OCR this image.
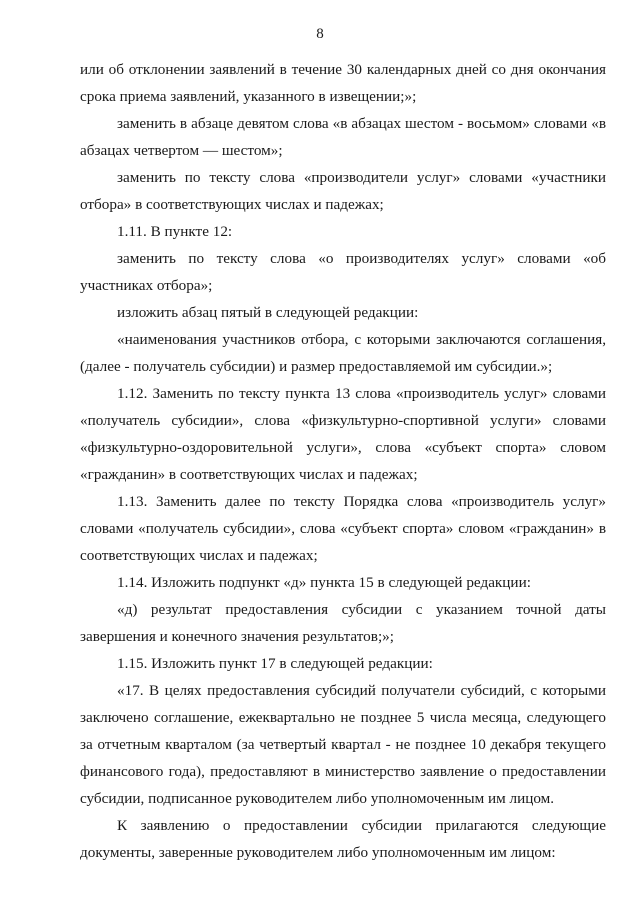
8

или об отклонении заявлений в течение 30 календарных дней со дня окончания срока приема заявлений, указанного в извещении;»;

заменить в абзаце девятом слова «в абзацах шестом - восьмом» словами «в абзацах четвертом — шестом»;

заменить по тексту слова «производители услуг» словами «участники отбора» в соответствующих числах и падежах;

1.11. В пункте 12:

заменить по тексту слова «о производителях услуг» словами «об участниках отбора»;

изложить абзац пятый в следующей редакции:

«наименования участников отбора, с которыми заключаются соглашения, (далее - получатель субсидии) и размер предоставляемой им субсидии.»;

1.12. Заменить по тексту пункта 13 слова «производитель услуг» словами «получатель субсидии», слова «физкультурно-спортивной услуги» словами «физкультурно-оздоровительной услуги», слова «субъект спорта» словом «гражданин» в соответствующих числах и падежах;

1.13. Заменить далее по тексту Порядка слова «производитель услуг» словами «получатель субсидии», слова «субъект спорта» словом «гражданин» в соответствующих числах и падежах;

1.14. Изложить подпункт «д» пункта 15 в следующей редакции:

«д) результат предоставления субсидии с указанием точной даты завершения и конечного значения результатов;»;

1.15. Изложить пункт 17 в следующей редакции:

«17. В целях предоставления субсидий получатели субсидий, с которыми заключено соглашение, ежеквартально не позднее 5 числа месяца, следующего за отчетным кварталом (за четвертый квартал - не позднее 10 декабря текущего финансового года), предоставляют в министерство заявление о предоставлении субсидии, подписанное руководителем либо уполномоченным им лицом.

К заявлению о предоставлении субсидии прилагаются следующие документы, заверенные руководителем либо уполномоченным им лицом:
